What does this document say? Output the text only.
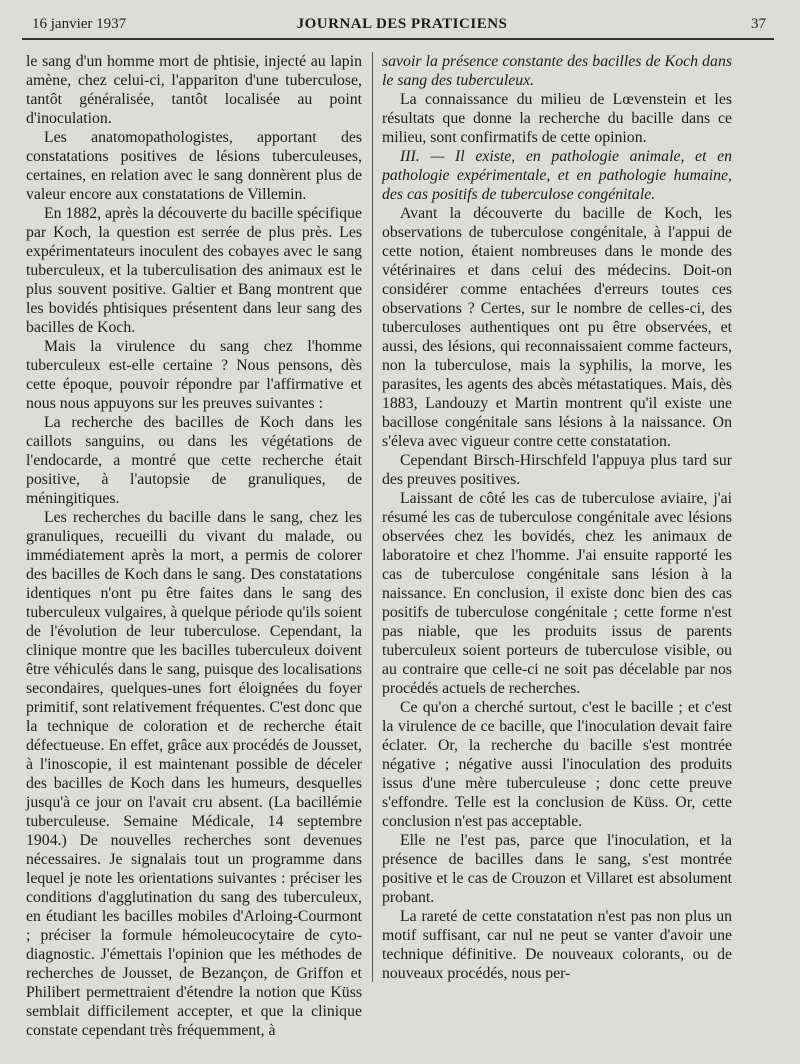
16 janvier 1937	JOURNAL DES PRATICIENS	37

le sang d'un homme mort de phtisie, injecté au lapin amène, chez celui-ci, l'appariton d'une tuberculose, tantôt généralisée, tantôt localisée au point d'inoculation.

Les anatomopathologistes, apportant des constatations positives de lésions tuberculeuses, certaines, en relation avec le sang donnèrent plus de valeur encore aux constatations de Villemin.

En 1882, après la découverte du bacille spécifique par Koch, la question est serrée de plus près. Les expérimentateurs inoculent des cobayes avec le sang tuberculeux, et la tuberculisation des animaux est le plus souvent positive. Galtier et Bang montrent que les bovidés phtisiques présentent dans leur sang des bacilles de Koch.

Mais la virulence du sang chez l'homme tuberculeux est-elle certaine ? Nous pensons, dès cette époque, pouvoir répondre par l'affirmative et nous nous appuyons sur les preuves suivantes :

La recherche des bacilles de Koch dans les caillots sanguins, ou dans les végétations de l'endocarde, a montré que cette recherche était positive, à l'autopsie de granuliques, de méningitiques.

Les recherches du bacille dans le sang, chez les granuliques, recueilli du vivant du malade, ou immédiatement après la mort, a permis de colorer des bacilles de Koch dans le sang. Des constatations identiques n'ont pu être faites dans le sang des tuberculeux vulgaires, à quelque période qu'ils soient de l'évolution de leur tuberculose. Cependant, la clinique montre que les bacilles tuberculeux doivent être véhiculés dans le sang, puisque des localisations secondaires, quelques-unes fort éloignées du foyer primitif, sont relativement fréquentes. C'est donc que la technique de coloration et de recherche était défectueuse. En effet, grâce aux procédés de Jousset, à l'inoscopie, il est maintenant possible de déceler des bacilles de Koch dans les humeurs, desquelles jusqu'à ce jour on l'avait cru absent. (La bacillémie tuberculeuse. Semaine Médicale, 14 septembre 1904.) De nouvelles recherches sont devenues nécessaires. Je signalais tout un programme dans lequel je note les orientations suivantes : préciser les conditions d'agglutination du sang des tuberculeux, en étudiant les bacilles mobiles d'Arloing-Courmont ; préciser la formule hémoleucocytaire de cyto-diagnostic. J'émettais l'opinion que les méthodes de recherches de Jousset, de Bezançon, de Griffon et Philibert permettraient d'étendre la notion que Küss semblait difficilement accepter, et que la clinique constate cependant très fréquemment, à

savoir la présence constante des bacilles de Koch dans le sang des tuberculeux.

La connaissance du milieu de Lœvenstein et les résultats que donne la recherche du bacille dans ce milieu, sont confirmatifs de cette opinion.

III. — Il existe, en pathologie animale, et en pathologie expérimentale, et en pathologie humaine, des cas positifs de tuberculose congénitale.

Avant la découverte du bacille de Koch, les observations de tuberculose congénitale, à l'appui de cette notion, étaient nombreuses dans le monde des vétérinaires et dans celui des médecins. Doit-on considérer comme entachées d'erreurs toutes ces observations ? Certes, sur le nombre de celles-ci, des tuberculoses authentiques ont pu être observées, et aussi, des lésions, qui reconnaissaient comme facteurs, non la tuberculose, mais la syphilis, la morve, les parasites, les agents des abcès métastatiques. Mais, dès 1883, Landouzy et Martin montrent qu'il existe une bacillose congénitale sans lésions à la naissance. On s'éleva avec vigueur contre cette constatation.

Cependant Birsch-Hirschfeld l'appuya plus tard sur des preuves positives.

Laissant de côté les cas de tuberculose aviaire, j'ai résumé les cas de tuberculose congénitale avec lésions observées chez les bovidés, chez les animaux de laboratoire et chez l'homme. J'ai ensuite rapporté les cas de tuberculose congénitale sans lésion à la naissance. En conclusion, il existe donc bien des cas positifs de tuberculose congénitale ; cette forme n'est pas niable, que les produits issus de parents tuberculeux soient porteurs de tuberculose visible, ou au contraire que celle-ci ne soit pas décelable par nos procédés actuels de recherches.

Ce qu'on a cherché surtout, c'est le bacille ; et c'est la virulence de ce bacille, que l'inoculation devait faire éclater. Or, la recherche du bacille s'est montrée négative ; négative aussi l'inoculation des produits issus d'une mère tuberculeuse ; donc cette preuve s'effondre. Telle est la conclusion de Küss. Or, cette conclusion n'est pas acceptable.

Elle ne l'est pas, parce que l'inoculation, et la présence de bacilles dans le sang, s'est montrée positive et le cas de Crouzon et Villaret est absolument probant.

La rareté de cette constatation n'est pas non plus un motif suffisant, car nul ne peut se vanter d'avoir une technique définitive. De nouveaux colorants, ou de nouveaux procédés, nous per-
